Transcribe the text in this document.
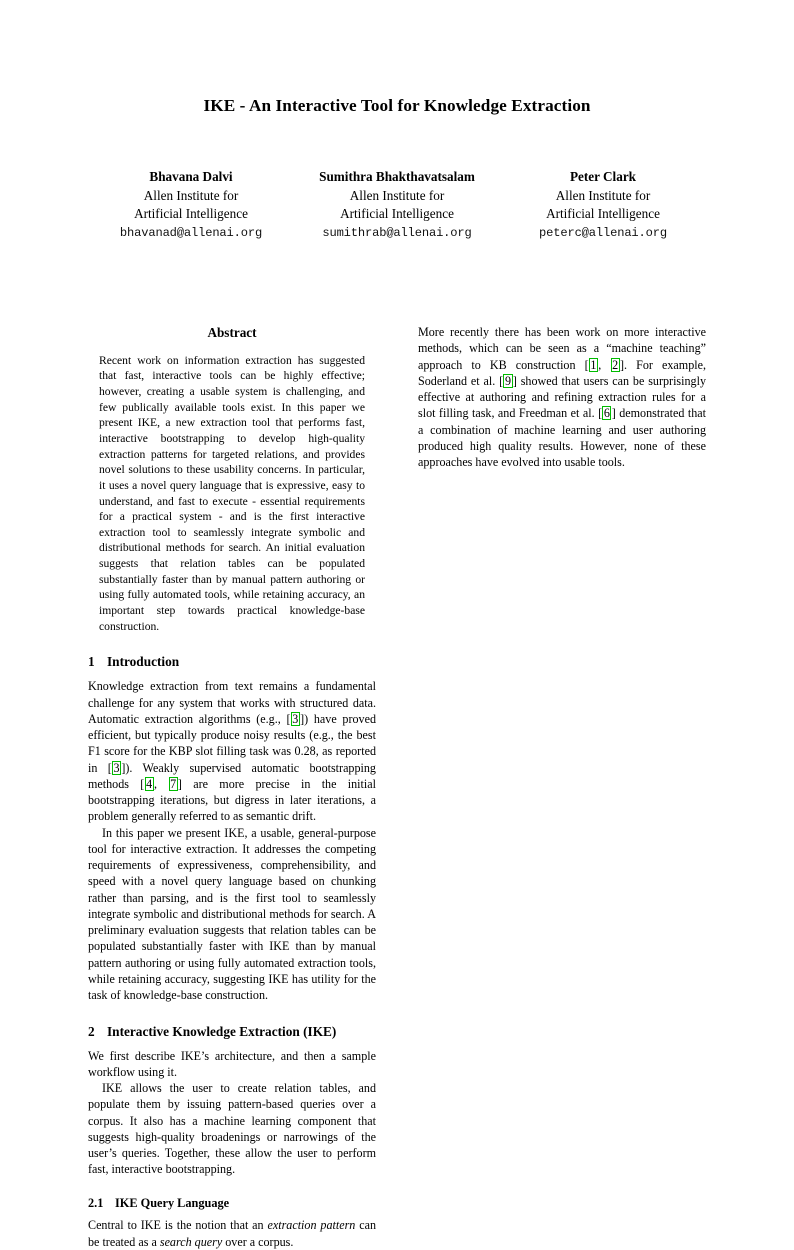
IKE - An Interactive Tool for Knowledge Extraction
Bhavana Dalvi
Allen Institute for
Artificial Intelligence
bhavanad@allenai.org
Sumithra Bhakthavatsalam
Allen Institute for
Artificial Intelligence
sumithrab@allenai.org
Peter Clark
Allen Institute for
Artificial Intelligence
peterc@allenai.org
Abstract

Recent work on information extraction has suggested that fast, interactive tools can be highly effective; however, creating a usable system is challenging, and few publically available tools exist. In this paper we present IKE, a new extraction tool that performs fast, interactive bootstrapping to develop high-quality extraction patterns for targeted relations, and provides novel solutions to these usability concerns. In particular, it uses a novel query language that is expressive, easy to understand, and fast to execute - essential requirements for a practical system - and is the first interactive extraction tool to seamlessly integrate symbolic and distributional methods for search. An initial evaluation suggests that relation tables can be populated substantially faster than by manual pattern authoring or using fully automated tools, while retaining accuracy, an important step towards practical knowledge-base construction.

1 Introduction

Knowledge extraction from text remains a fundamental challenge for any system that works with structured data. Automatic extraction algorithms (e.g., [ 3 ]) have proved efficient, but typically produce noisy results (e.g., the best F1 score for the KBP slot filling task was 0.28, as reported in [ 3 ]). Weakly supervised automatic bootstrapping methods [ 4 , 7 ] are more precise in the initial bootstrapping iterations, but digress in later iterations, a problem generally referred to as semantic drift.

In this paper we present IKE, a usable, general-purpose tool for interactive extraction. It addresses the competing requirements of expressiveness, comprehensibility, and speed with a novel query language based on chunking rather than parsing, and is the first tool to seamlessly integrate symbolic and distributional methods for search. A preliminary evaluation suggests that relation tables can be populated substantially faster with IKE than by manual pattern authoring or using fully automated extraction tools, while retaining accuracy, suggesting IKE has utility for the task of knowledge-base construction.

2 Interactive Knowledge Extraction (IKE)

We first describe IKE’s architecture, and then a sample workflow using it.

IKE allows the user to create relation tables, and populate them by issuing pattern-based queries over a corpus. It also has a machine learning component that suggests high-quality broadenings or narrowings of the user’s queries. Together, these allow the user to perform fast, interactive bootstrapping.

2.1 IKE Query Language

Central to IKE is the notion that an extraction pattern can be treated as a search query over a corpus.

More recently there has been work on more interactive methods, which can be seen as a “machine teaching” approach to KB construction [ 1 , 2 ]. For example, Soderland et al. [ 9 ] showed that users can be surprisingly effective at authoring and refining extraction rules for a slot filling task, and Freedman et al. [ 6 ] demonstrated that a combination of machine learning and user authoring produced high quality results. However, none of these approaches have evolved into usable tools.
